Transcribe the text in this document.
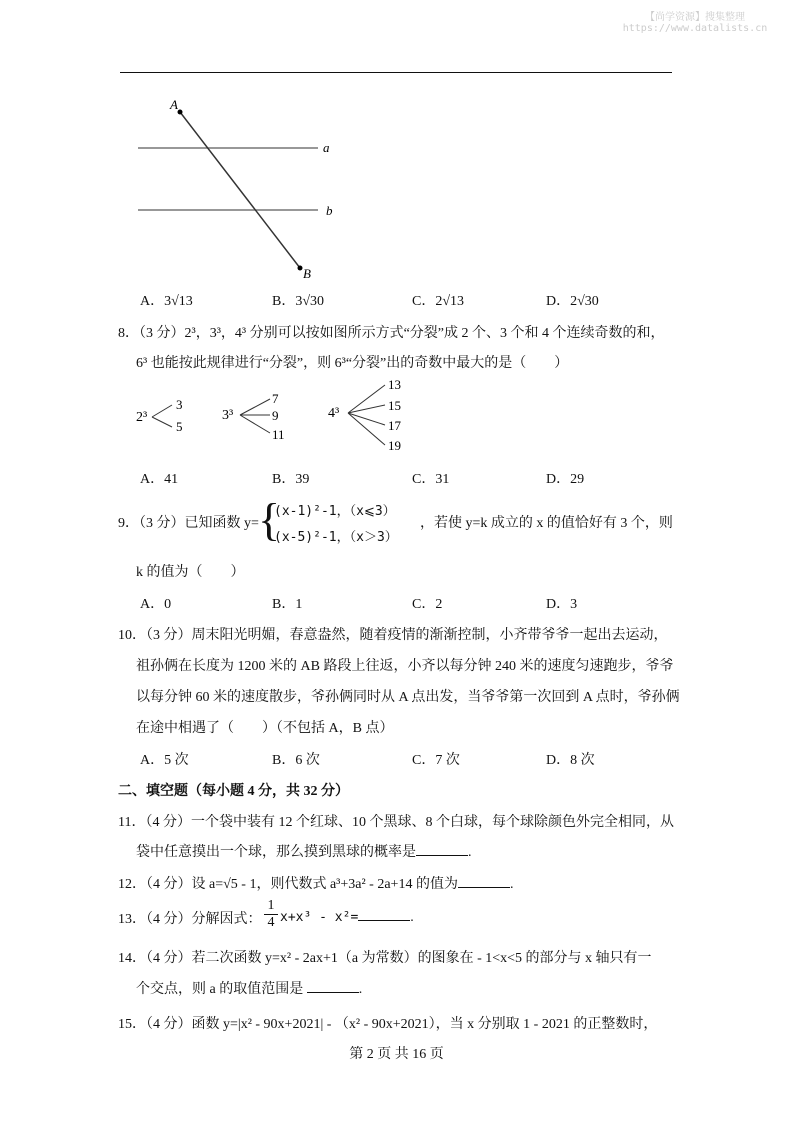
【尚学资源】搜集整理
https://www.datalists.cn
A
B
a
b
A．3√13	B．3√30	C．2√13	D．2√30
8．（3 分）2³，3³，4³ 分别可以按如图所示方式“分裂”成 2 个、3 个和 4 个连续奇数的和，
6³ 也能按此规律进行“分裂”，则 6³“分裂”出的奇数中最大的是（　　）
2³
3
5
3³
7
9
11
4³
13
15
17
19
A．41	B．39	C．31	D．29
9．（3 分）已知函数 y= {
(x-1)²-1，（x⩽3）
(x-5)²-1，（x＞3）
，若使 y=k 成立的 x 的值恰好有 3 个，则
k 的值为（　　）
A．0	B．1	C．2	D．3
10．（3 分）周末阳光明媚，春意盎然，随着疫情的渐渐控制，小齐带爷爷一起出去运动，
祖孙俩在长度为 1200 米的 AB 路段上往返，小齐以每分钟 240 米的速度匀速跑步，爷爷
以每分钟 60 米的速度散步，爷孙俩同时从 A 点出发，当爷爷第一次回到 A 点时，爷孙俩
在途中相遇了（　　）（不包括 A，B 点）
A．5 次	B．6 次	C．7 次	D．8 次
二、填空题（每小题 4 分，共 32 分）
11．（4 分）一个袋中装有 12 个红球、10 个黑球、8 个白球，每个球除颜色外完全相同，从
袋中任意摸出一个球，那么摸到黑球的概率是	.
12．（4 分）设 a=√5 - 1，则代数式 a³+3a² - 2a+14 的值为	.
13．（4 分）分解因式： $\frac{1}{4} x+x^3 - x^2=$	.
14．（4 分）若二次函数 y=x² - 2ax+1（a 为常数）的图象在 - 1<x<5 的部分与 x 轴只有一
个交点，则 a 的取值范围是	.
15．（4 分）函数 y=|x² - 90x+2021| - （x² - 90x+2021），当 x 分别取 1 - 2021 的正整数时，
第 2 页 共 16 页
